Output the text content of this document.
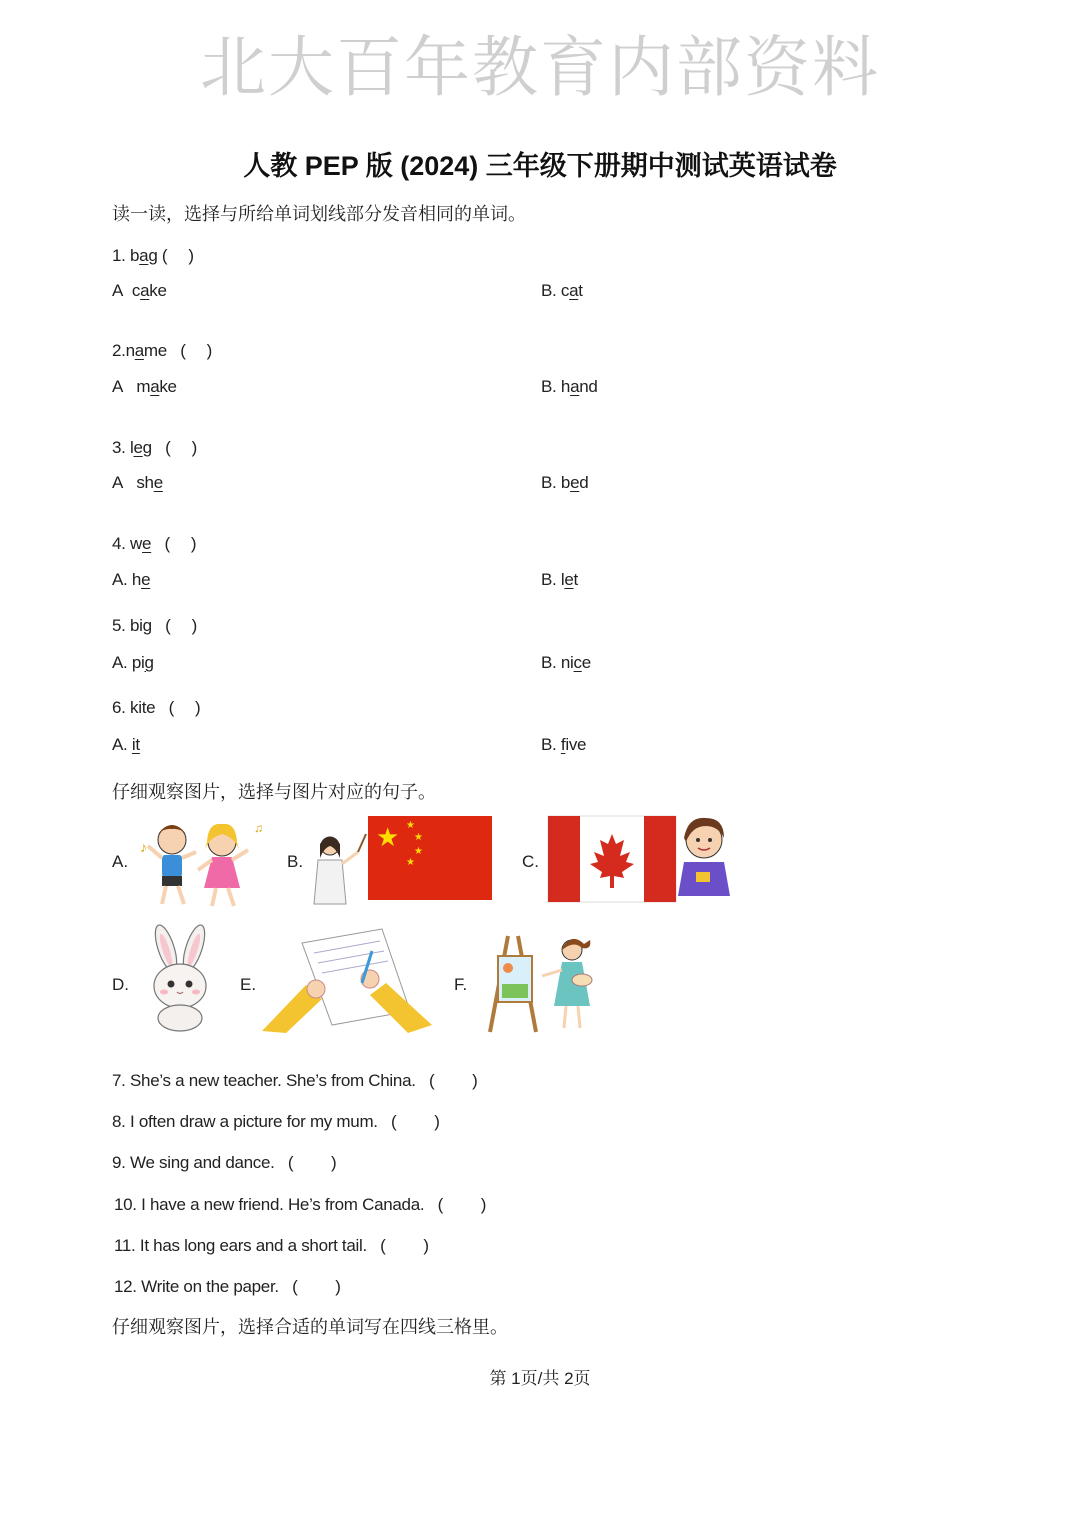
北大百年教育内部资料
人教 PEP 版 (2024) 三年级下册期中测试英语试卷
读一读，选择与所给单词划线部分发音相同的单词。
1. bag (　 )
A cake	B. cat
2.name (　 )
A make	B. hand
3. leg (　 )
A she	B. bed
4. we (　 )
A. he	B. let
5. big (　 )
A. pig	B. nice
6. kite (　 )
A. it	B. five
仔细观察图片，选择与图片对应的句子。
A.	B.	C.
D.	E.	F.
♪
♫	★ ★
★
★
★
7. She’s a new teacher. She’s from China. (　　 )
8. I often draw a picture for my mum. (　　 )
9. We sing and dance. (　　 )
10. I have a new friend. He’s from Canada. (　　 )
11. It has long ears and a short tail. (　　 )
12. Write on the paper. (　　 )
仔细观察图片，选择合适的单词写在四线三格里。
第 1页/共 2页
